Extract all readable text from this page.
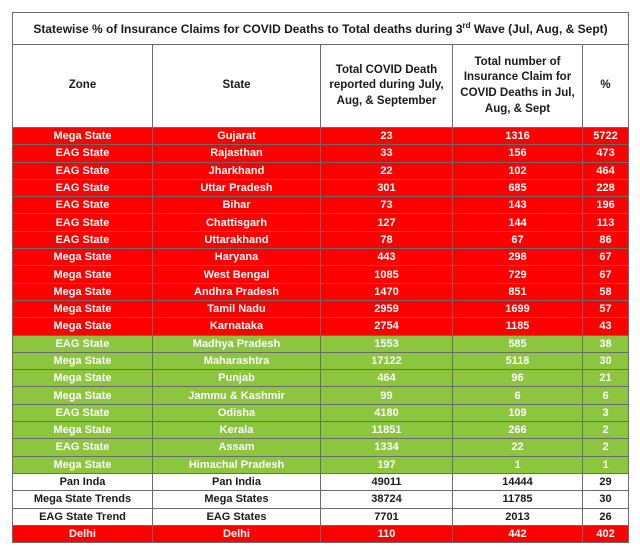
Statewise % of Insurance Claims for COVID Deaths to Total deaths during 3rd Wave (Jul, Aug, & Sept)				
Zone	State	Total COVID Death reported during July, Aug, & September	Total number of Insurance Claim for COVID Deaths in Jul, Aug, & Sept	%
Mega State	Gujarat	23	1316	5722
EAG State	Rajasthan	33	156	473
EAG State	Jharkhand	22	102	464
EAG State	Uttar Pradesh	301	685	228
EAG State	Bihar	73	143	196
EAG State	Chattisgarh	127	144	113
EAG State	Uttarakhand	78	67	86
Mega State	Haryana	443	298	67
Mega State	West Bengal	1085	729	67
Mega State	Andhra Pradesh	1470	851	58
Mega State	Tamil Nadu	2959	1699	57
Mega State	Karnataka	2754	1185	43
EAG State	Madhya Pradesh	1553	585	38
Mega State	Maharashtra	17122	5118	30
Mega State	Punjab	464	96	21
Mega State	Jammu & Kashmir	99	6	6
EAG State	Odisha	4180	109	3
Mega State	Kerala	11851	266	2
EAG State	Assam	1334	22	2
Mega State	Himachal Pradesh	197	1	1
Pan Inda	Pan India	49011	14444	29
Mega State Trends	Mega States	38724	11785	30
EAG State Trend	EAG States	7701	2013	26
Delhi	Delhi	110	442	402
